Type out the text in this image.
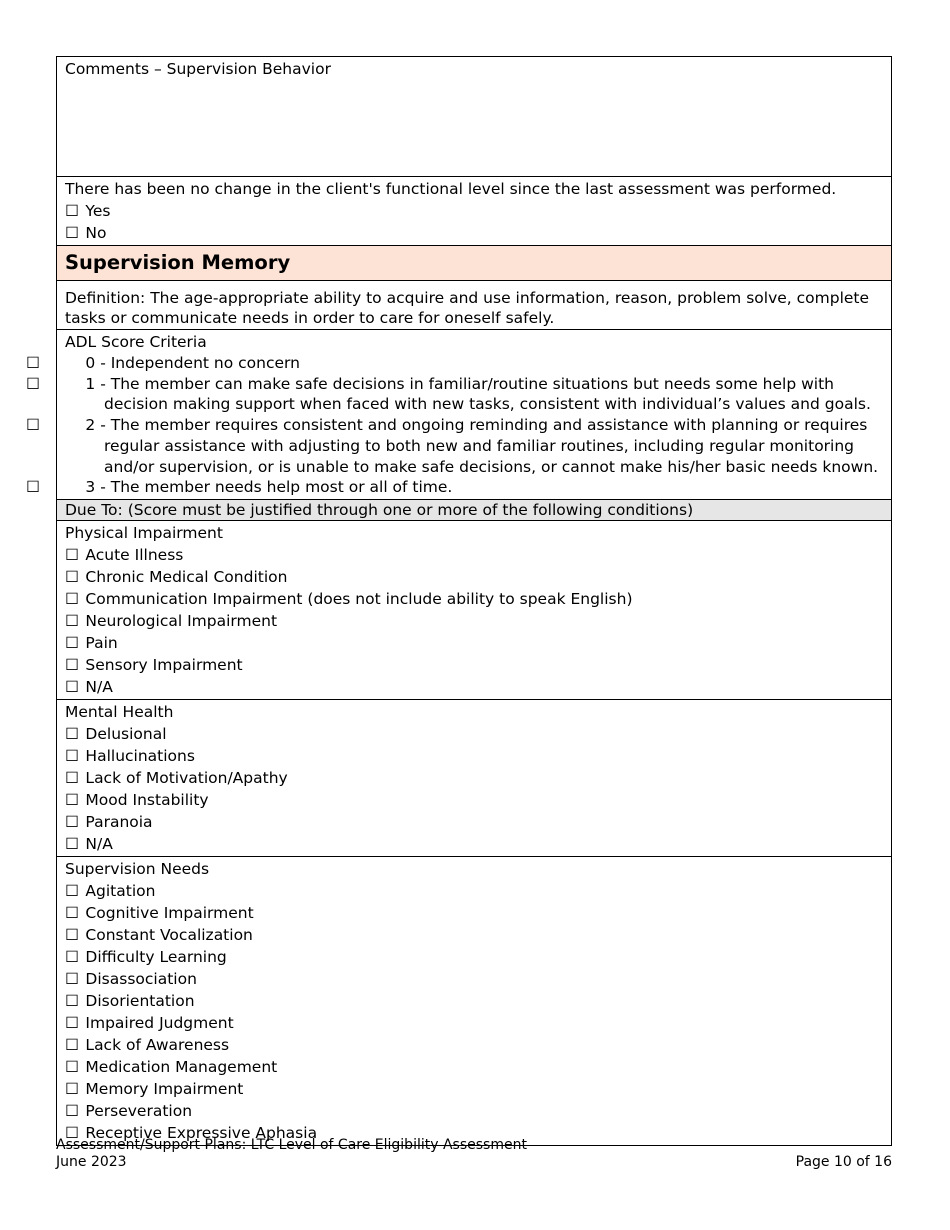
Comments – Supervision Behavior

There has been no change in the client's functional level since the last assessment was performed.
☐ Yes
☐ No

Supervision Memory
Definition: The age-appropriate ability to acquire and use information, reason, problem solve, complete tasks or communicate needs in order to care for oneself safely.

ADL Score Criteria
☐	0 - Independent no concern
☐	1 - The member can make safe decisions in familiar/routine situations but needs some help with decision making support when faced with new tasks, consistent with individual’s values and goals.
☐	2 - The member requires consistent and ongoing reminding and assistance with planning or requires regular assistance with adjusting to both new and familiar routines, including regular monitoring and/or supervision, or is unable to make safe decisions, or cannot make his/her basic needs known.
☐	3 - The member needs help most or all of time.

Due To: (Score must be justified through one or more of the following conditions)

Physical Impairment
☐ Acute Illness
☐ Chronic Medical Condition
☐ Communication Impairment (does not include ability to speak English)
☐ Neurological Impairment
☐ Pain
☐ Sensory Impairment
☐ N/A

Mental Health
☐ Delusional
☐ Hallucinations
☐ Lack of Motivation/Apathy
☐ Mood Instability
☐ Paranoia
☐ N/A

Supervision Needs
☐ Agitation
☐ Cognitive Impairment
☐ Constant Vocalization
☐ Difficulty Learning
☐ Disassociation
☐ Disorientation
☐ Impaired Judgment
☐ Lack of Awareness
☐ Medication Management
☐ Memory Impairment
☐ Perseveration
☐ Receptive Expressive Aphasia
Assessment/Support Plans: LTC Level of Care Eligibility Assessment
June 2023	Page 10 of 16
